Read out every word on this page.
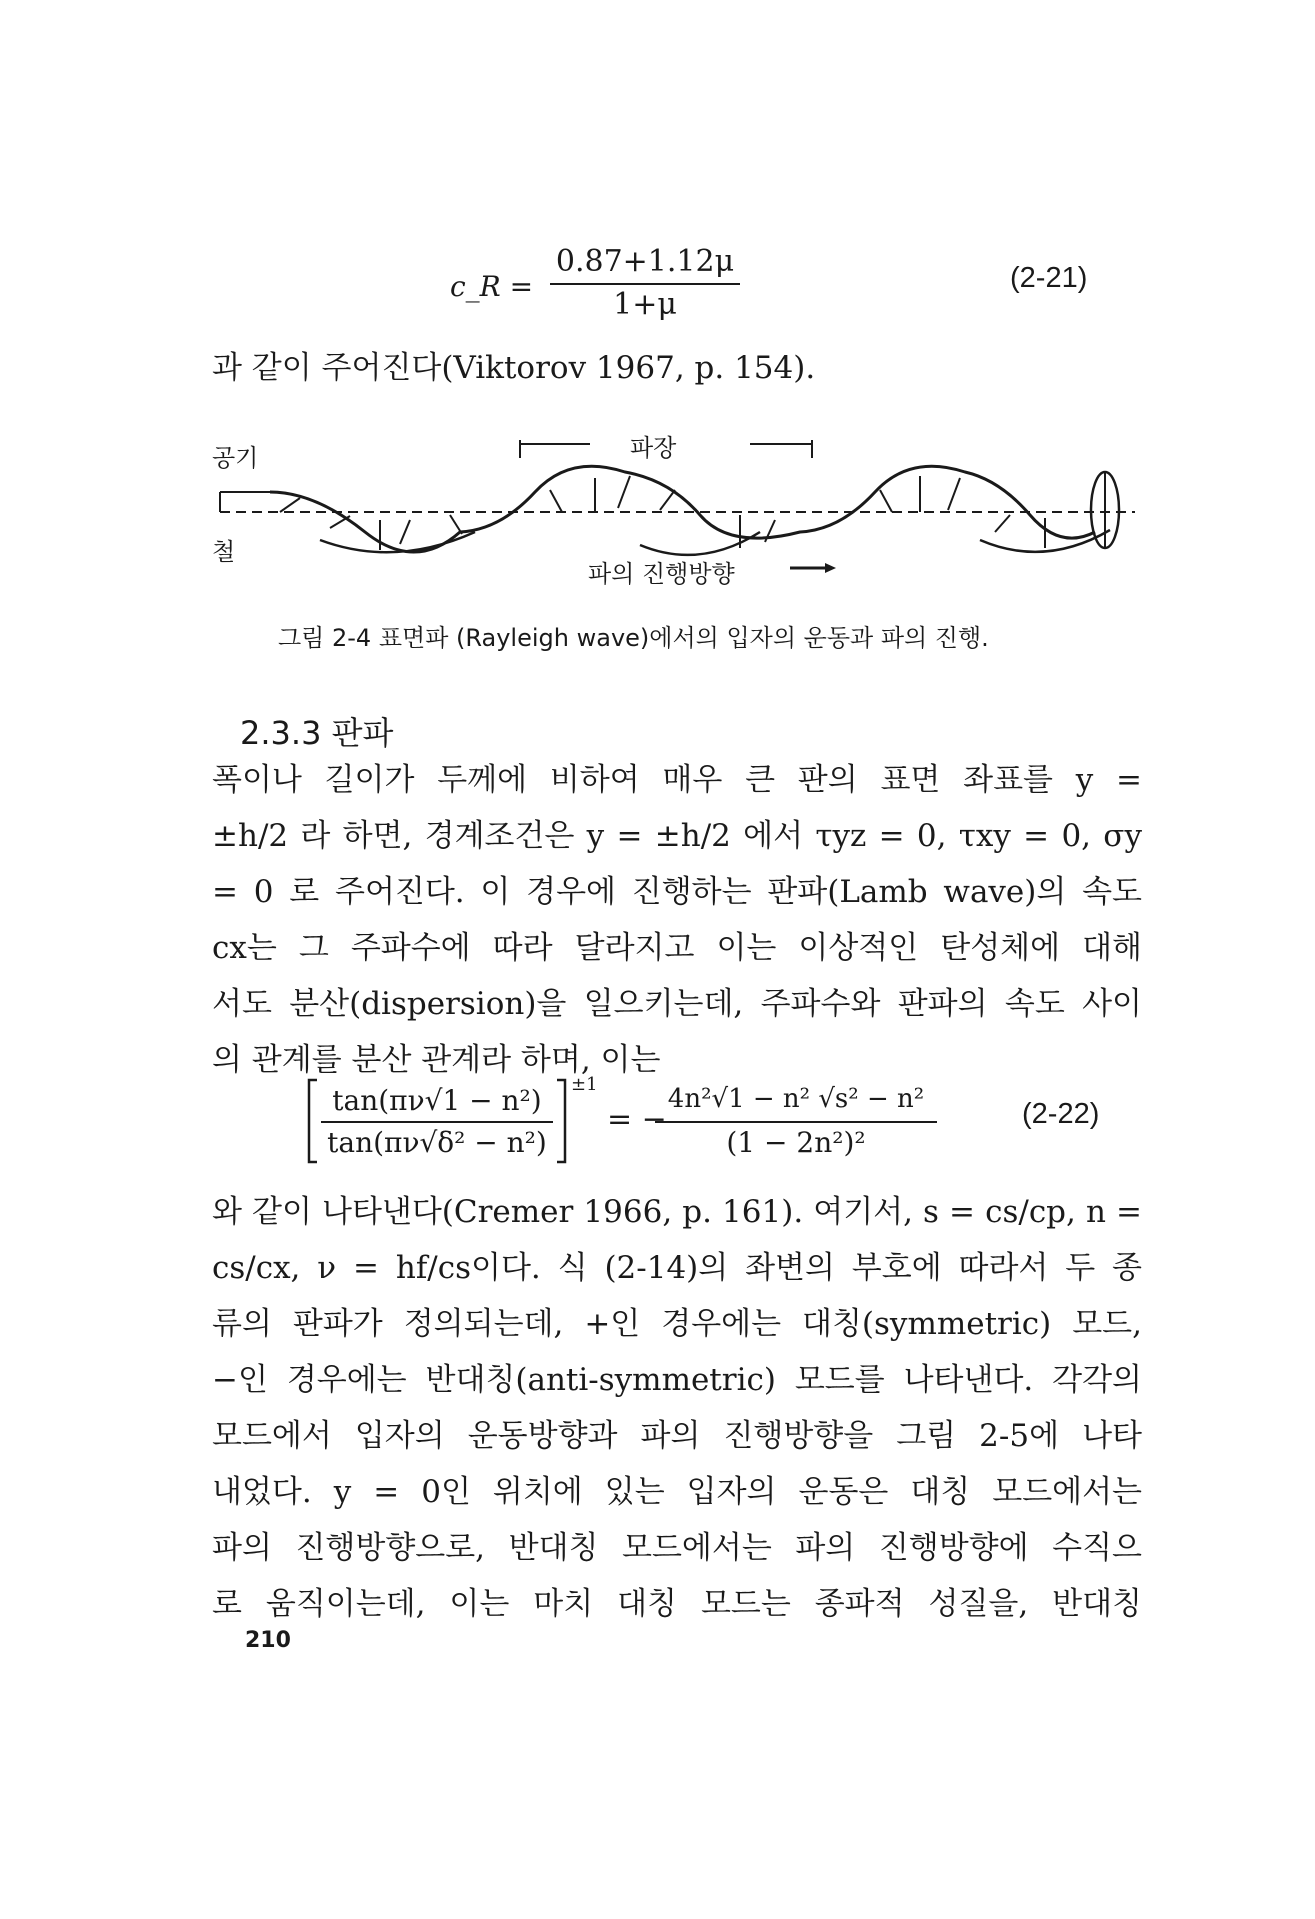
c_R = $\frac{0.87+1.12\mu}{1+\mu}$	(2-21)
과 같이 주어진다(Viktorov 1967, p. 154).
공기
철
파장
파의 진행방향
그림 2-4 표면파 (Rayleigh wave)에서의 입자의 운동과 파의 진행.
2.3.3 판파
폭이나 길이가 두께에 비하여 매우 큰 판의 표면 좌표를 y =
±h/2 라 하면, 경계조건은 y = ±h/2 에서 τyz = 0, τxy = 0, σy
= 0 로 주어진다. 이 경우에 진행하는 판파(Lamb wave)의 속도
cx는 그 주파수에 따라 달라지고 이는 이상적인 탄성체에 대해
서도 분산(dispersion)을 일으키는데, 주파수와 판파의 속도 사이
의 관계를 분산 관계라 하며, 이는
tan(πν√1 − n²)
tan(πν√δ² − n²)
±1
= −
4n²√1 − n² √s² − n²
(1 − 2n²)²
(2-22)
와 같이 나타낸다(Cremer 1966, p. 161). 여기서, s = cs/cp, n =
cs/cx, ν = hf/cs이다. 식 (2-14)의 좌변의 부호에 따라서 두 종
류의 판파가 정의되는데, +인 경우에는 대칭(symmetric) 모드,
−인 경우에는 반대칭(anti-symmetric) 모드를 나타낸다. 각각의
모드에서 입자의 운동방향과 파의 진행방향을 그림 2-5에 나타
내었다. y = 0인 위치에 있는 입자의 운동은 대칭 모드에서는
파의 진행방향으로, 반대칭 모드에서는 파의 진행방향에 수직으
로 움직이는데, 이는 마치 대칭 모드는 종파적 성질을, 반대칭
210
